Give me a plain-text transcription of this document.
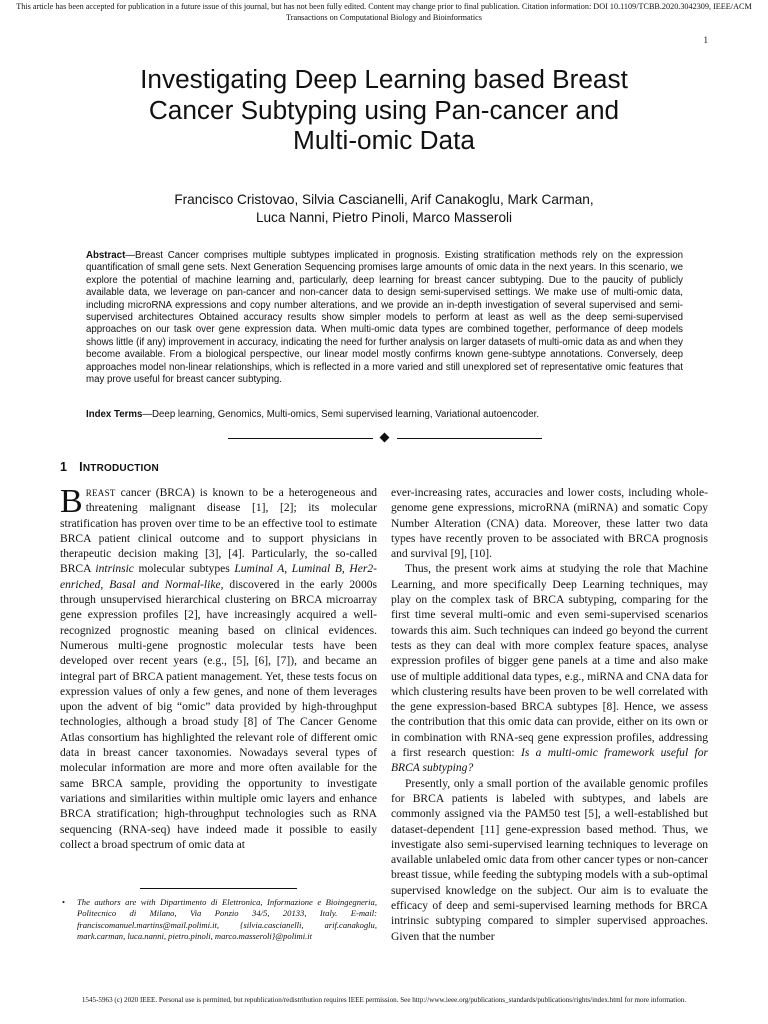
This article has been accepted for publication in a future issue of this journal, but has not been fully edited. Content may change prior to final publication. Citation information: DOI 10.1109/TCBB.2020.3042309, IEEE/ACM
Transactions on Computational Biology and Bioinformatics
1
Investigating Deep Learning based Breast
Cancer Subtyping using Pan-cancer and
Multi-omic Data
Francisco Cristovao, Silvia Cascianelli, Arif Canakoglu, Mark Carman,
Luca Nanni, Pietro Pinoli, Marco Masseroli
Abstract—Breast Cancer comprises multiple subtypes implicated in prognosis. Existing stratification methods rely on the expression quantification of small gene sets. Next Generation Sequencing promises large amounts of omic data in the next years. In this scenario, we explore the potential of machine learning and, particularly, deep learning for breast cancer subtyping. Due to the paucity of publicly available data, we leverage on pan-cancer and non-cancer data to design semi-supervised settings. We make use of multi-omic data, including microRNA expressions and copy number alterations, and we provide an in-depth investigation of several supervised and semi-supervised architectures Obtained accuracy results show simpler models to perform at least as well as the deep semi-supervised approaches on our task over gene expression data. When multi-omic data types are combined together, performance of deep models shows little (if any) improvement in accuracy, indicating the need for further analysis on larger datasets of multi-omic data as and when they become available. From a biological perspective, our linear model mostly confirms known gene-subtype annotations. Conversely, deep approaches model non-linear relationships, which is reflected in a more varied and still unexplored set of representative omic features that may prove useful for breast cancer subtyping.
Index Terms—Deep learning, Genomics, Multi-omics, Semi supervised learning, Variational autoencoder.
1 INTRODUCTION

BREAST cancer (BRCA) is known to be a heterogeneous and threatening malignant disease [1], [2]; its molecular stratification has proven over time to be an effective tool to estimate BRCA patient clinical outcome and to support physicians in therapeutic decision making [3], [4]. Particularly, the so-called BRCA intrinsic molecular subtypes Luminal A, Luminal B, Her2-enriched, Basal and Normal-like, discovered in the early 2000s through unsupervised hierarchical clustering on BRCA microarray gene expression profiles [2], have increasingly acquired a well-recognized prognostic meaning based on clinical evidences. Numerous multi-gene prognostic molecular tests have been developed over recent years (e.g., [5], [6], [7]), and became an integral part of BRCA patient management. Yet, these tests focus on expression values of only a few genes, and none of them leverages upon the advent of big “omic” data provided by high-throughput technologies, although a broad study [8] of The Cancer Genome Atlas consortium has highlighted the relevant role of different omic data in breast cancer taxonomies. Nowadays several types of molecular information are more and more often available for the same BRCA sample, providing the opportunity to investigate variations and similarities within multiple omic layers and enhance BRCA stratification; high-throughput technologies such as RNA sequencing (RNA-seq) have indeed made it possible to easily collect a broad spectrum of omic data at

ever-increasing rates, accuracies and lower costs, including whole-genome gene expressions, microRNA (miRNA) and somatic Copy Number Alteration (CNA) data. Moreover, these latter two data types have recently proven to be associated with BRCA prognosis and survival [9], [10].

Thus, the present work aims at studying the role that Machine Learning, and more specifically Deep Learning techniques, may play on the complex task of BRCA subtyping, comparing for the first time several multi-omic and even semi-supervised scenarios towards this aim. Such techniques can indeed go beyond the current tests as they can deal with more complex feature spaces, analyse expression profiles of bigger gene panels at a time and also make use of multiple additional data types, e.g., miRNA and CNA data for which clustering results have been proven to be well correlated with the gene expression-based BRCA subtypes [8]. Hence, we assess the contribution that this omic data can provide, either on its own or in combination with RNA-seq gene expression profiles, addressing a first research question: Is a multi-omic framework useful for BRCA subtyping?

Presently, only a small portion of the available genomic profiles for BRCA patients is labeled with subtypes, and labels are commonly assigned via the PAM50 test [5], a well-established but dataset-dependent [11] gene-expression based method. Thus, we investigate also semi-supervised learning techniques to leverage on available unlabeled omic data from other cancer types or non-cancer breast tissue, while feeding the subtyping models with a sub-optimal supervised knowledge on the subject. Our aim is to evaluate the efficacy of deep and semi-supervised learning methods for BRCA intrinsic subtyping compared to simpler supervised approaches. Given that the number

• The authors are with Dipartimento di Elettronica, Informazione e Bioingegneria, Politecnico di Milano, Via Ponzio 34/5, 20133, Italy. E-mail: franciscomanuel.martins@mail.polimi.it, {silvia.cascianelli, arif.canakoglu, mark.carman, luca.nanni, pietro.pinoli, marco.masseroli}@polimi.it
1545-5963 (c) 2020 IEEE. Personal use is permitted, but republication/redistribution requires IEEE permission. See http://www.ieee.org/publications_standards/publications/rights/index.html for more information.
